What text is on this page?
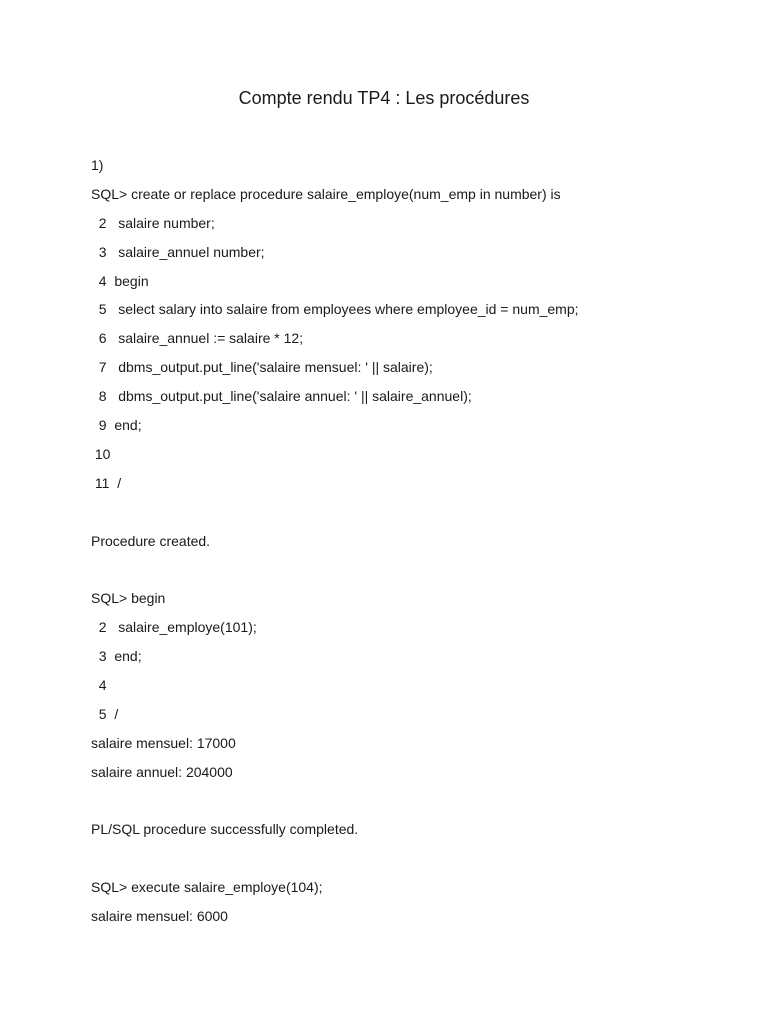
Compte rendu TP4 : Les procédures
1)
SQL> create or replace procedure salaire_employe(num_emp in number) is
2   salaire number;
3   salaire_annuel number;
4  begin
5   select salary into salaire from employees where employee_id = num_emp;
6   salaire_annuel := salaire * 12;
7   dbms_output.put_line('salaire mensuel: ' || salaire);
8   dbms_output.put_line('salaire annuel: ' || salaire_annuel);
9  end;
10
11  /
Procedure created.
SQL> begin
2   salaire_employe(101);
3  end;
4
5  /
salaire mensuel: 17000
salaire annuel: 204000
PL/SQL procedure successfully completed.
SQL> execute salaire_employe(104);
salaire mensuel: 6000
